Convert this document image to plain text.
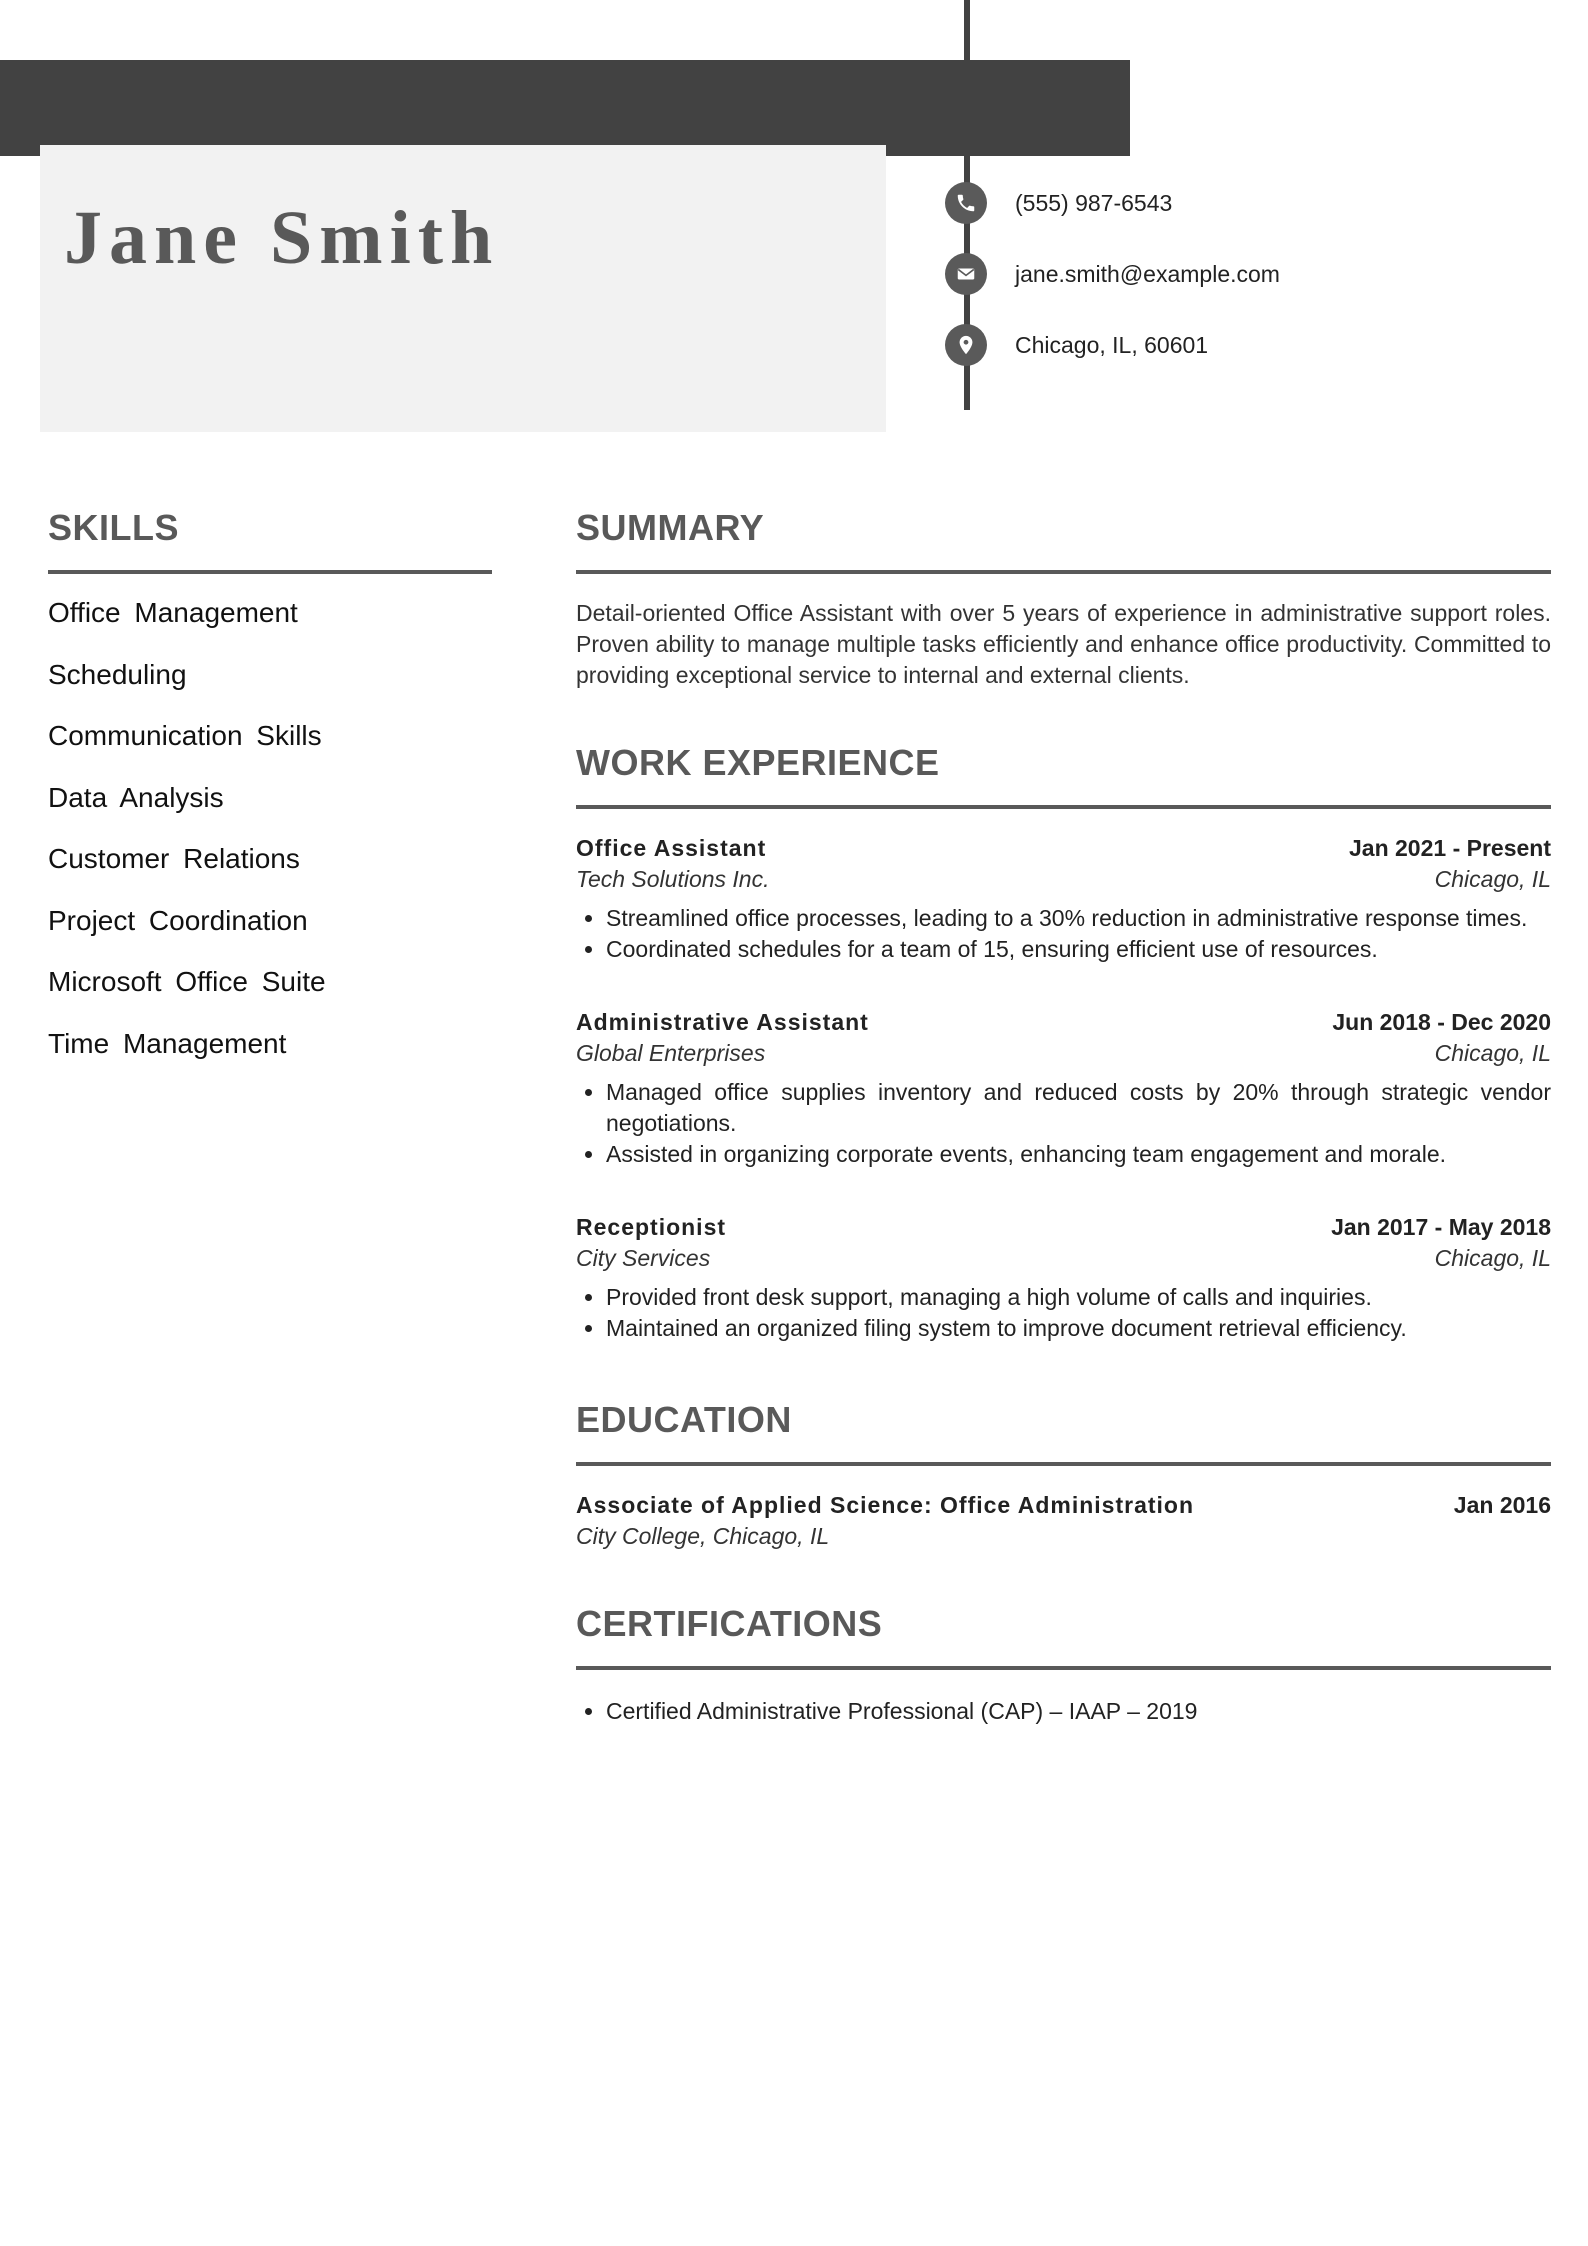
Jane Smith	(555) 987-6543
jane.smith@example.com
Chicago, IL, 60601
SKILLS
Office Management
Scheduling
Communication Skills
Data Analysis
Customer Relations
Project Coordination
Microsoft Office Suite
Time Management
SUMMARY

Detail-oriented Office Assistant with over 5 years of experience in administrative support roles. Proven ability to manage multiple tasks efficiently and enhance office productivity. Committed to providing exceptional service to internal and external clients.

WORK EXPERIENCE
Office Assistant	Jan 2021 - Present
Tech Solutions Inc.	Chicago, IL
• Streamlined office processes, leading to a 30% reduction in administrative response times.
• Coordinated schedules for a team of 15, ensuring efficient use of resources.
Administrative Assistant	Jun 2018 - Dec 2020
Global Enterprises	Chicago, IL
• Managed office supplies inventory and reduced costs by 20% through strategic vendor negotiations.
• Assisted in organizing corporate events, enhancing team engagement and morale.
Receptionist	Jan 2017 - May 2018
City Services	Chicago, IL
• Provided front desk support, managing a high volume of calls and inquiries.
• Maintained an organized filing system to improve document retrieval efficiency.
EDUCATION
Associate of Applied Science: Office Administration	Jan 2016
City College, Chicago, IL
CERTIFICATIONS
• Certified Administrative Professional (CAP) – IAAP – 2019
